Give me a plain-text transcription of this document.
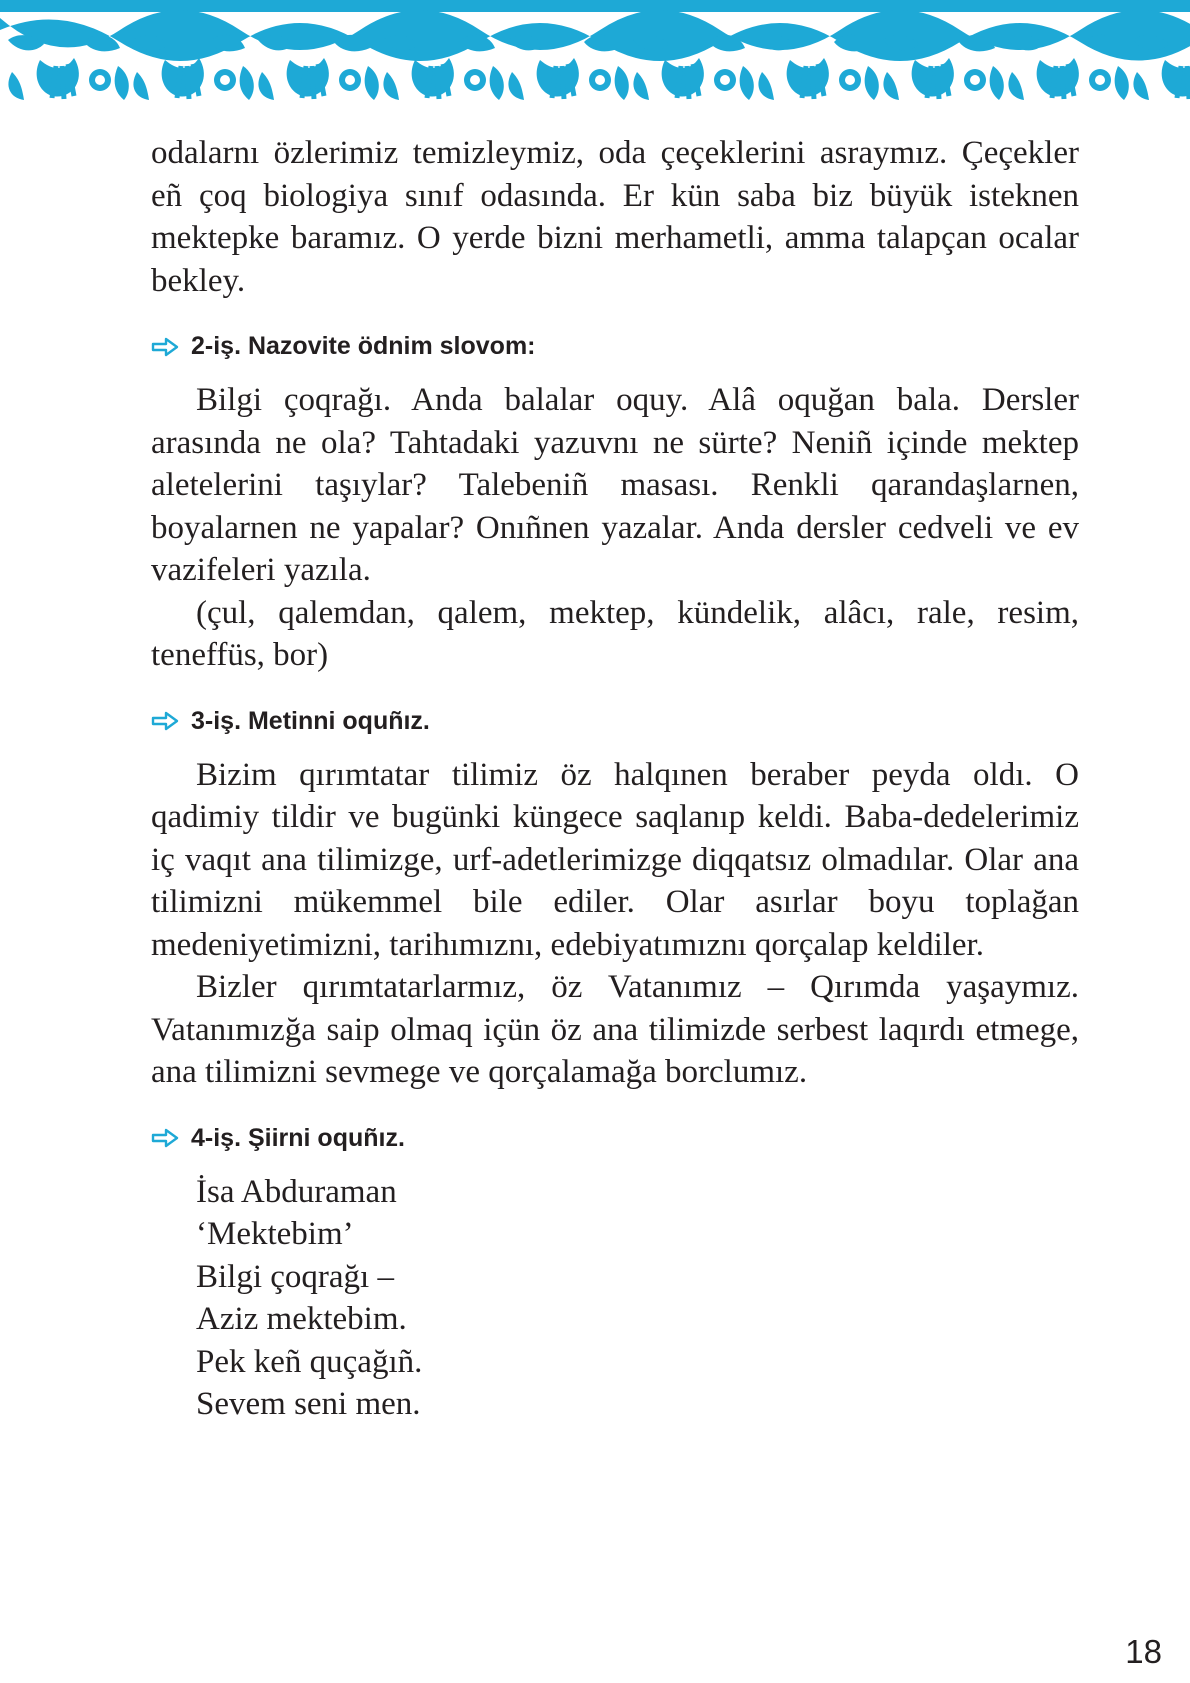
odalarnı özlerimiz temizleymiz, oda çeçeklerini asraymız. Çeçekler eñ çoq biologiya sınıf odasında. Er kün saba biz büyük isteknen mektepke baramız. O yerde bizni merhametli, amma talapçan ocalar bekley.

2-iş. Nazovite ödnim slovom:

Bilgi çoqrağı. Anda balalar oquy. Alâ oquğan bala. Dersler arasında ne ola? Tahtadaki yazuvnı ne sürte? Neniñ içinde mektep aletelerini taşıylar? Talebeniñ masası. Renkli qarandaşlarnen, boyalarnen ne yapalar? Onıñnen yazalar. Anda dersler cedveli ve ev vazifeleri yazıla.

(çul, qalemdan, qalem, mektep, kündelik, alâcı, rale, resim, teneffüs, bor)

3-iş. Metinni oquñız.

Bizim qırımtatar tilimiz öz halqınen beraber peyda oldı. O qadimiy tildir ve bugünki küngece saqlanıp keldi. Baba-dedelerimiz iç vaqıt ana tilimizge, urf-adetlerimizge diqqatsız olmadılar. Olar ana tilimizni mükemmel bile ediler. Olar asırlar boyu toplağan medeniyetimizni, tarihımıznı, edebiyatımıznı qorçalap keldiler.

Bizler qırımtatarlarmız, öz Vatanımız – Qırımda yaşaymız. Vatanımızğa saip olmaq içün öz ana tilimizde serbest laqırdı etmege, ana tilimizni sevmege ve qorçalamağa borclumız.

4-iş. Şiirni oquñız.
İsa Abduraman
‘Mektebim’
Bilgi çoqrağı –
Aziz mektebim.
Pek keñ quçağıñ.
Sevem seni men.
18
